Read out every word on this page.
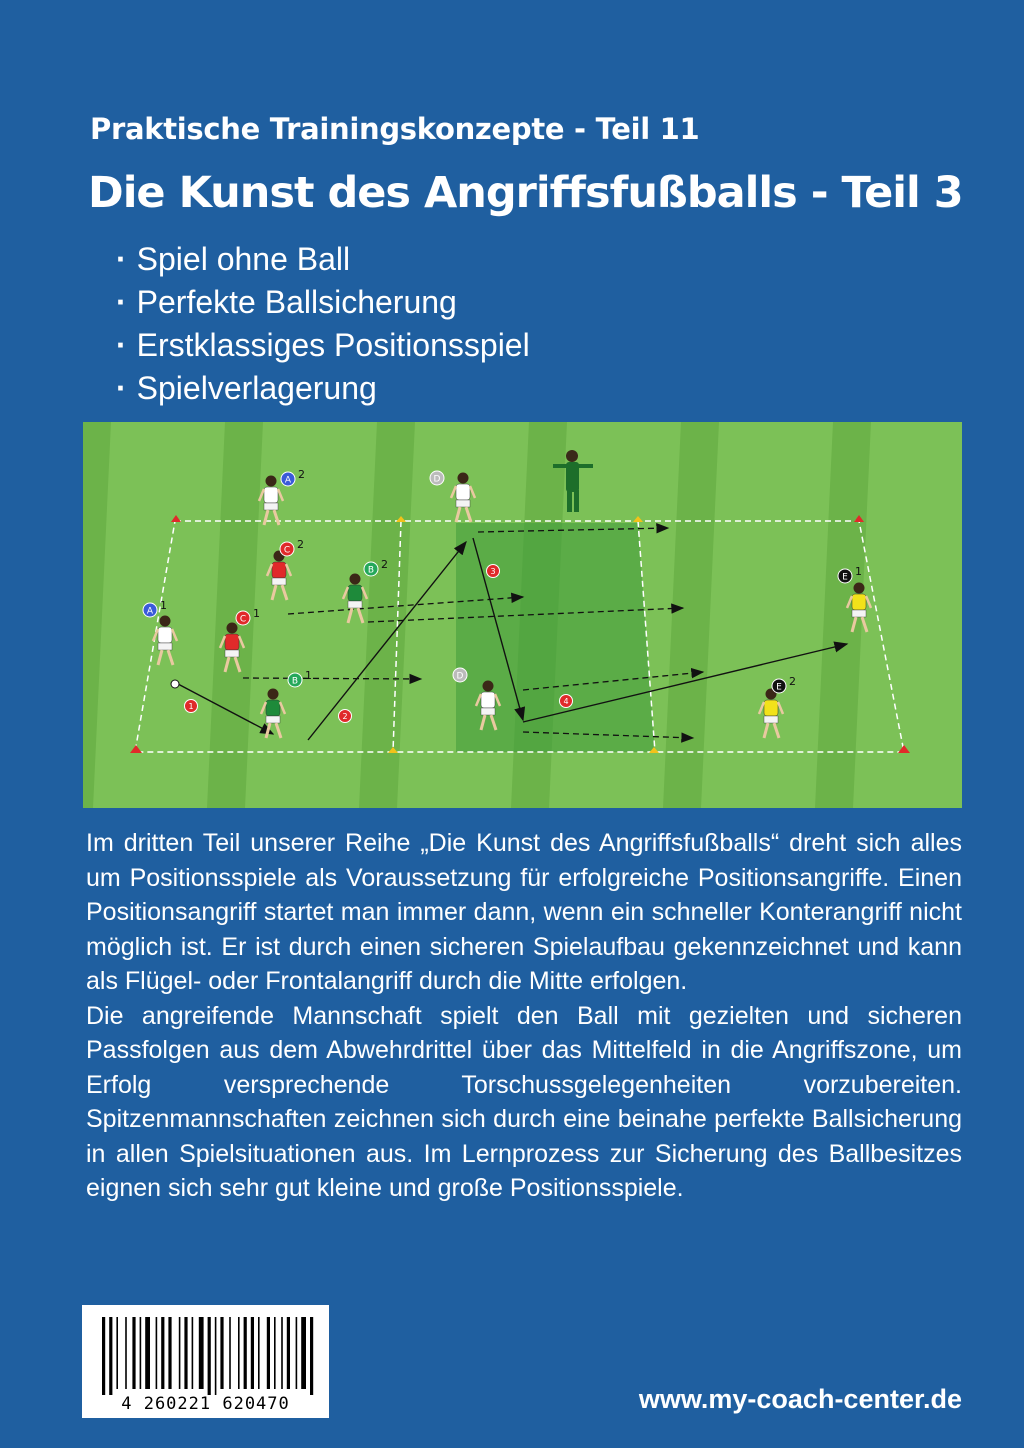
Praktische Trainingskonzepte - Teil 11
Die Kunst des Angriffsfußballs - Teil 3
· Spiel ohne Ball
· Perfekte Ballsicherung
· Erstklassiges Positionsspiel
· Spielverlagerung
A 2
C 2
B 2
A 1
C 1
B 1
D
D
E 1
E 2
1
2
3
4

Im dritten Teil unserer Reihe „Die Kunst des Angriffsfußballs“ dreht sich alles um Positionsspiele als Voraussetzung für erfolgreiche Positionsangriffe. Einen Positionsangriff startet man immer dann, wenn ein schneller Konterangriff nicht möglich ist. Er ist durch einen sicheren Spielaufbau gekennzeichnet und kann als Flügel- oder Frontalangriff durch die Mitte erfolgen.

Die angreifende Mannschaft spielt den Ball mit gezielten und sicheren Passfolgen aus dem Abwehrdrittel über das Mittelfeld in die Angriffszone, um Erfolg versprechende Torschussgelegenheiten vorzubereiten. Spitzenmannschaften zeichnen sich durch eine beinahe perfekte Ballsicherung in allen Spielsituationen aus. Im Lernprozess zur Sicherung des Ballbesitzes eignen sich sehr gut kleine und große Positionsspiele.

4 260221 620470	www.my-coach-center.de
